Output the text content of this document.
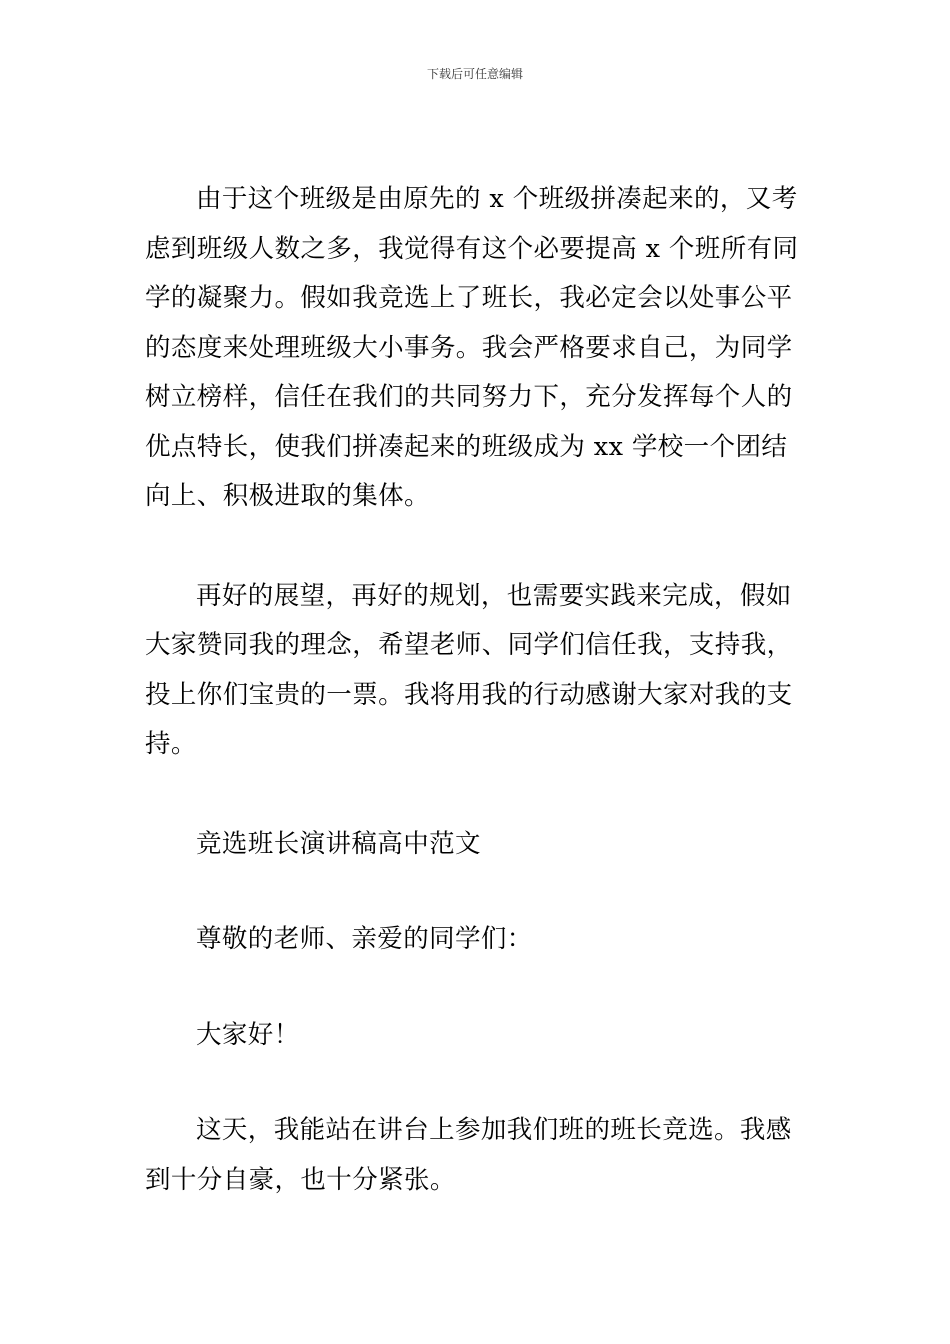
下载后可任意编辑

由于这个班级是由原先的 x 个班级拼凑起来的，又考虑到班级人数之多，我觉得有这个必要提高 x 个班所有同学的凝聚力。假如我竞选上了班长，我必定会以处事公平的态度来处理班级大小事务。我会严格要求自己，为同学树立榜样，信任在我们的共同努力下，充分发挥每个人的优点特长，使我们拼凑起来的班级成为 xx 学校一个团结向上、积极进取的集体。

再好的展望，再好的规划，也需要实践来完成，假如大家赞同我的理念，希望老师、同学们信任我，支持我，投上你们宝贵的一票。我将用我的行动感谢大家对我的支持。

竞选班长演讲稿高中范文

尊敬的老师、亲爱的同学们：

大家好！

这天，我能站在讲台上参加我们班的班长竞选。我感到十分自豪，也十分紧张。
